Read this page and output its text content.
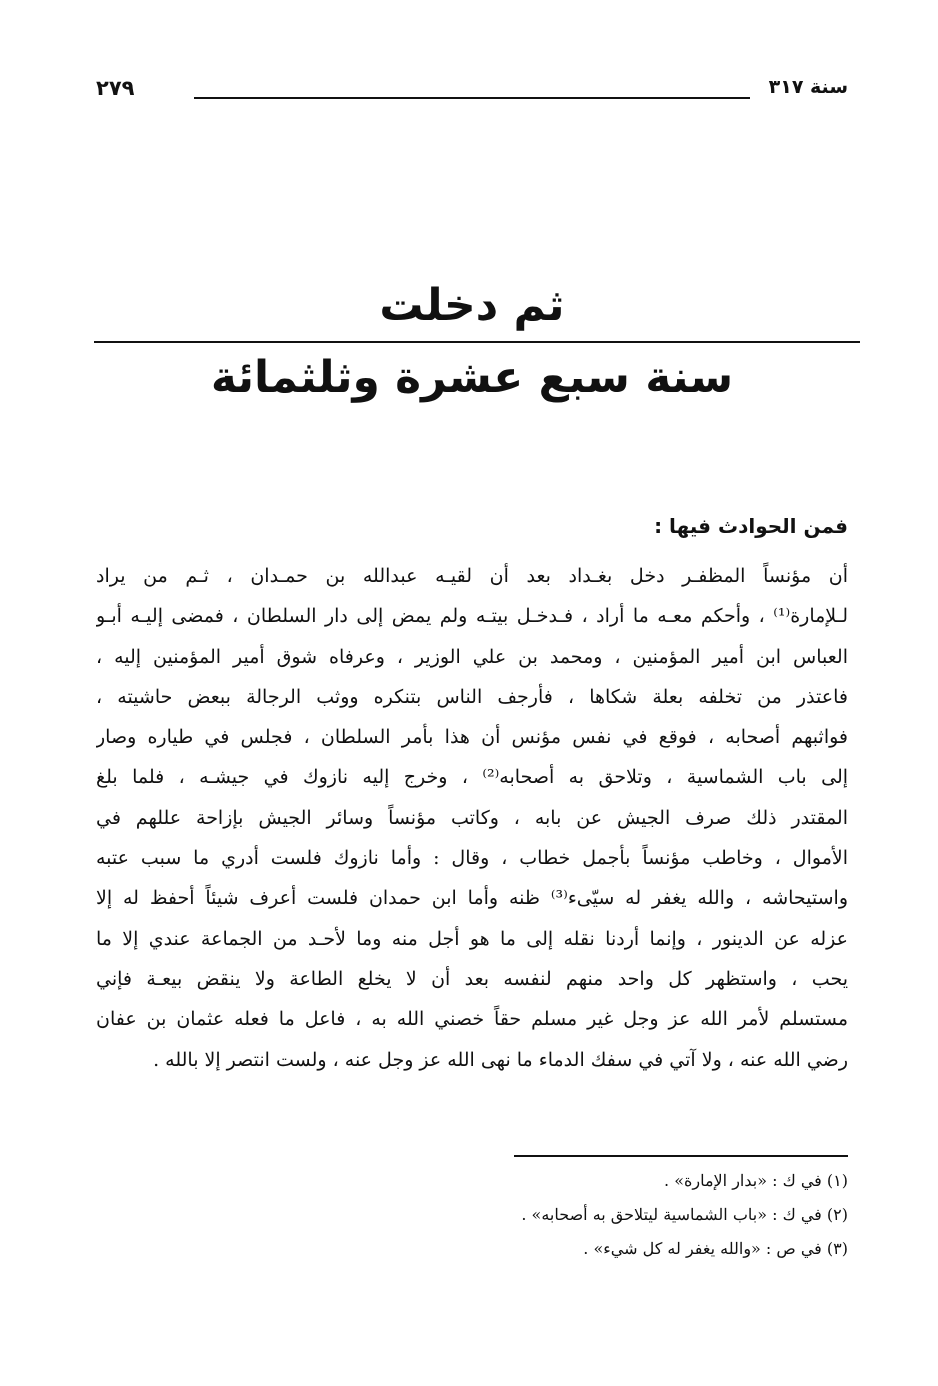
سنة ٣١٧
٢٧٩
ثم دخلت
سنة سبع عشرة وثلثمائة
فمن الحوادث فيها :
أن مؤنساً المظفـر دخل بغـداد بعد أن لقيـه عبدالله بن حمـدان ، ثـم من يراد
لـلإمارة⁽¹⁾ ، وأحكم معـه ما أراد ، فـدخـل بيتـه ولم يمض إلى دار السلطان ، فمضى إليـه أبـو
العباس ابن أمير المؤمنين ، ومحمد بن علي الوزير ، وعرفاه شوق أمير المؤمنين إليه ،
فاعتذر من تخلفه بعلة شكاها ، فأرجف الناس بتنكره ووثب الرجالة ببعض حاشيته ،
فواثبهم أصحابه ، فوقع في نفس مؤنس أن هذا بأمر السلطان ، فجلس في طياره وصار
إلى باب الشماسية ، وتلاحق به أصحابه⁽²⁾ ، وخرج إليه نازوك في جيشـه ، فلما بلغ
المقتدر ذلك صرف الجيش عن بابه ، وكاتب مؤنساً وسائر الجيش بإزاحة عللهم في
الأموال ، وخاطب مؤنساً بأجمل خطاب ، وقال : وأما نازوك فلست أدري ما سبب عتبه
واستيحاشه ، والله يغفر له سيّىء⁽³⁾ ظنه وأما ابن حمدان فلست أعرف شيئاً أحفظ له إلا
عزله عن الدينور ، وإنما أردنا نقله إلى ما هو أجل منه وما لأحـد من الجماعة عندي إلا ما
يحب ، واستظهر كل واحد منهم لنفسه بعد أن لا يخلع الطاعة ولا ينقض بيعـة فإني
مستسلم لأمر الله عز وجل غير مسلم حقاً خصني الله به ، فاعل ما فعله عثمان بن عفان
رضي الله عنه ، ولا آتي في سفك الدماء ما نهى الله عز وجل عنه ، ولست انتصر إلا بالله .
(١) في ك : «بدار الإمارة» .
(٢) في ك : «باب الشماسية ليتلاحق به أصحابه» .
(٣) في ص : «والله يغفر له كل شيء» .
